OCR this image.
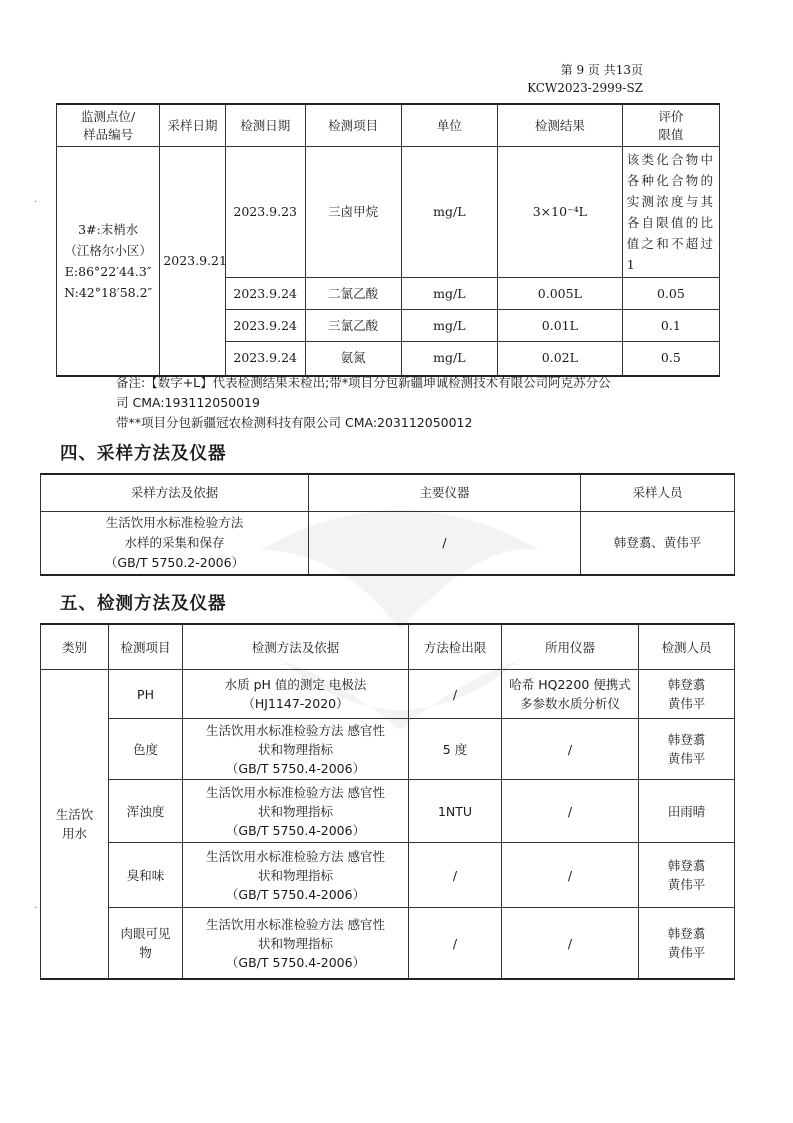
第 9 页 共13页
KCW2023-2999-SZ
·
·
监测点位/
样品编号	采样日期	检测日期	检测项目	单位	检测结果	评价
限值
3#:末梢水
（江格尔小区）
E:86°22′44.3″
N:42°18′58.2″	2023.9.21	2023.9.23	三卤甲烷	mg/L	3×10⁻⁴L	该类化合物中各种化合物的实测浓度与其各自限值的比值之和不超过1
		2023.9.24	二氯乙酸	mg/L	0.005L	0.05
		2023.9.24	三氯乙酸	mg/L	0.01L	0.1
		2023.9.24	氨氮	mg/L	0.02L	0.5
备注:【数字+L】代表检测结果未检出;带*项目分包新疆坤诚检测技术有限公司阿克苏分公
司 CMA:193112050019
带**项目分包新疆冠农检测科技有限公司 CMA:203112050012
四、采样方法及仪器
采样方法及依据	主要仪器	采样人员
生活饮用水标准检验方法
水样的采集和保存
（GB/T 5750.2-2006）	/	韩登翥、黄伟平
五、检测方法及仪器
类别	检测项目	检测方法及依据	方法检出限	所用仪器	检测人员
生活饮
用水	PH	水质 pH 值的测定 电极法
（HJ1147-2020）	/	哈希 HQ2200 便携式
多参数水质分析仪	韩登翥
黄伟平
	色度	生活饮用水标准检验方法 感官性
状和物理指标
（GB/T 5750.4-2006）	5 度	/	韩登翥
黄伟平
	浑浊度	生活饮用水标准检验方法 感官性
状和物理指标
（GB/T 5750.4-2006）	1NTU	/	田雨晴
	臭和味	生活饮用水标准检验方法 感官性
状和物理指标
（GB/T 5750.4-2006）	/	/	韩登翥
黄伟平
	肉眼可见
物	生活饮用水标准检验方法 感官性
状和物理指标
（GB/T 5750.4-2006）	/	/	韩登翥
黄伟平
